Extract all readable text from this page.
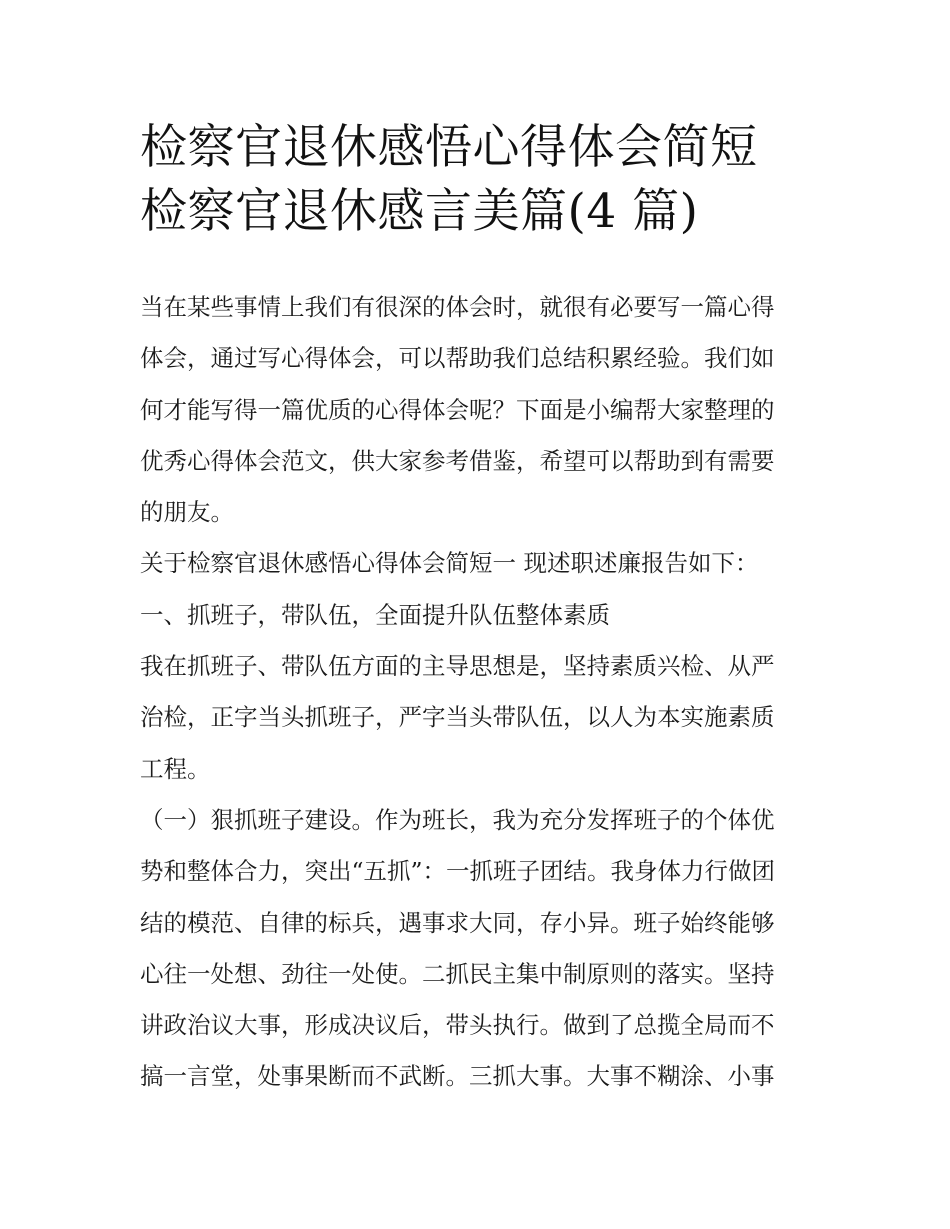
检察官退休感悟心得体会简短
检察官退休感言美篇(4 篇)

当在某些事情上我们有很深的体会时，就很有必要写一篇心得
体会，通过写心得体会，可以帮助我们总结积累经验。我们如
何才能写得一篇优质的心得体会呢？下面是小编帮大家整理的
优秀心得体会范文，供大家参考借鉴，希望可以帮助到有需要
的朋友。

关于检察官退休感悟心得体会简短一 现述职述廉报告如下：

一、抓班子，带队伍，全面提升队伍整体素质

我在抓班子、带队伍方面的主导思想是，坚持素质兴检、从严
治检，正字当头抓班子，严字当头带队伍，以人为本实施素质
工程。

（一）狠抓班子建设。作为班长，我为充分发挥班子的个体优
势和整体合力，突出“五抓”：一抓班子团结。我身体力行做团
结的模范、自律的标兵，遇事求大同，存小异。班子始终能够
心往一处想、劲往一处使。二抓民主集中制原则的落实。坚持
讲政治议大事，形成决议后，带头执行。做到了总揽全局而不
搞一言堂，处事果断而不武断。三抓大事。大事不糊涂、小事
